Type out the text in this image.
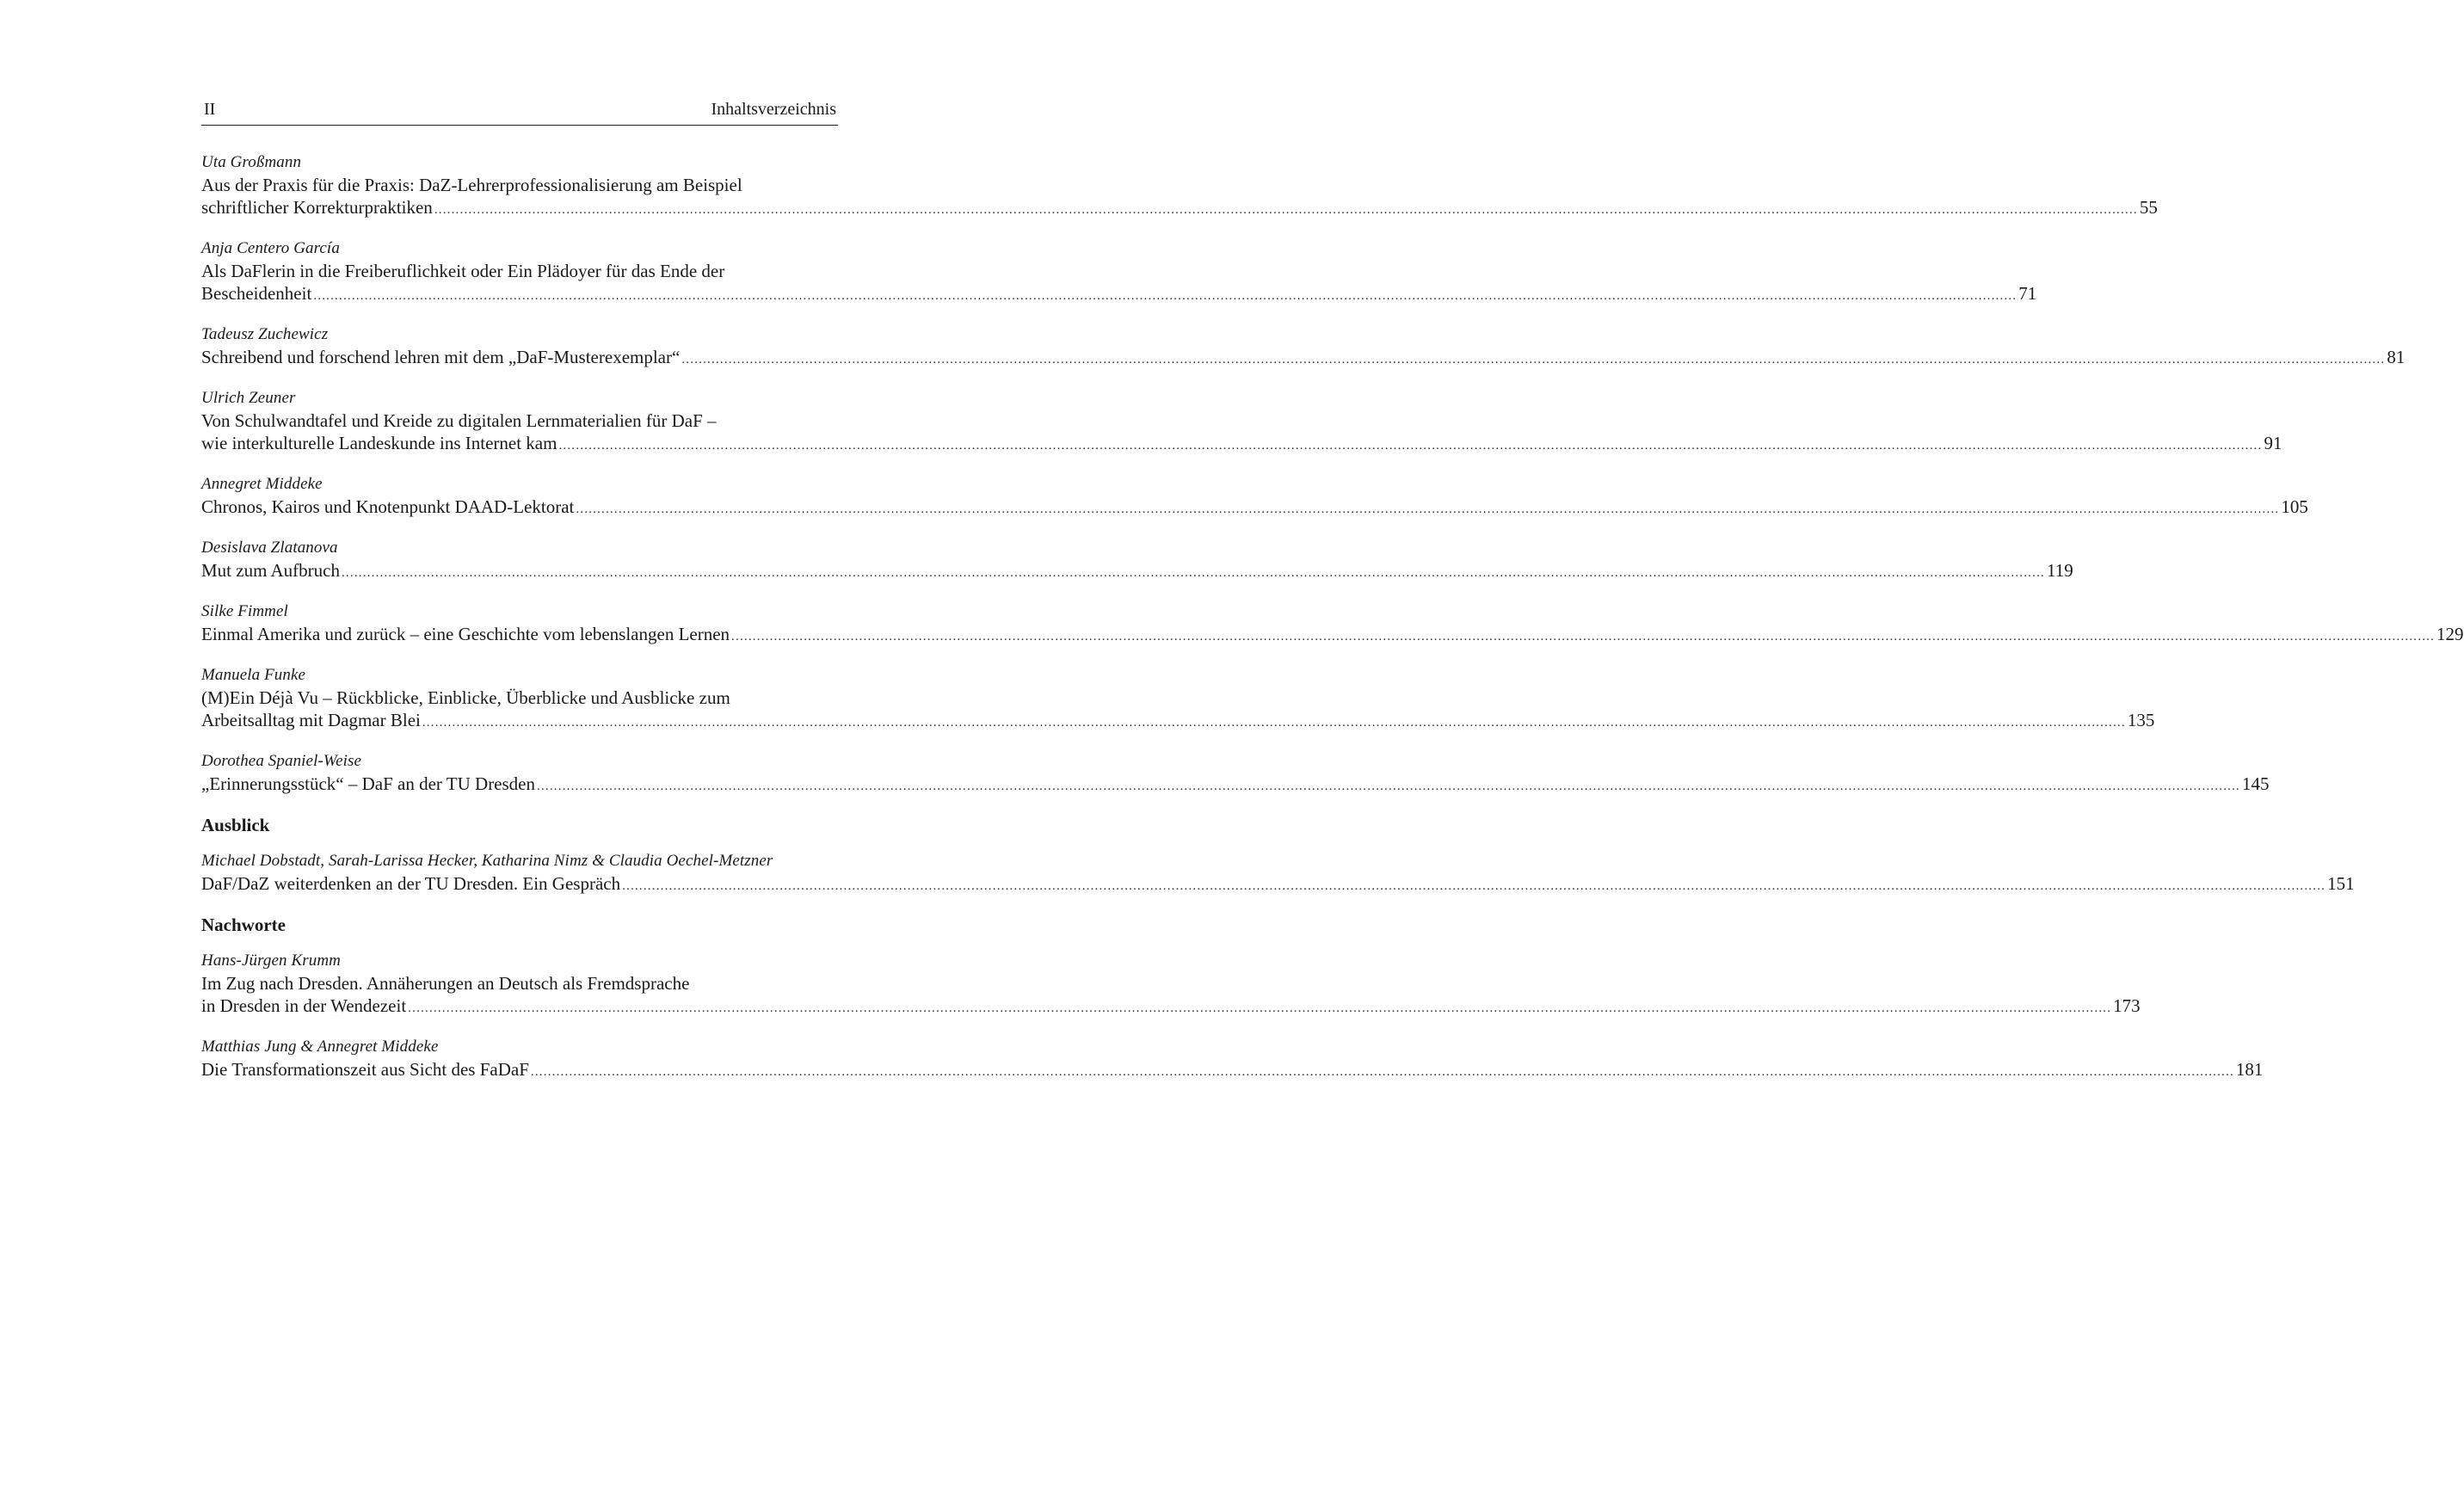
II	Inhaltsverzeichnis
Uta Großmann
Aus der Praxis für die Praxis: DaZ-Lehrerprofessionalisierung am Beispiel
schriftlicher Korrekturpraktiken ................................................................................................................................................................................................................................................................................................................................................................................................................ 55
Anja Centero García
Als DaFlerin in die Freiberuflichkeit oder Ein Plädoyer für das Ende der
Bescheidenheit ................................................................................................................................................................................................................................................................................................................................................................................................................ 71
Tadeusz Zuchewicz
Schreibend und forschend lehren mit dem „DaF-Musterexemplar“ ................................................................................................................................................................................................................................................................................................................................................................................................................ 81
Ulrich Zeuner
Von Schulwandtafel und Kreide zu digitalen Lernmaterialien für DaF –
wie interkulturelle Landeskunde ins Internet kam ................................................................................................................................................................................................................................................................................................................................................................................................................ 91
Annegret Middeke
Chronos, Kairos und Knotenpunkt DAAD-Lektorat ................................................................................................................................................................................................................................................................................................................................................................................................................ 105
Desislava Zlatanova
Mut zum Aufbruch ................................................................................................................................................................................................................................................................................................................................................................................................................ 119
Silke Fimmel
Einmal Amerika und zurück – eine Geschichte vom lebenslangen Lernen ................................................................................................................................................................................................................................................................................................................................................................................................................ 129
Manuela Funke
(M)Ein Déjà Vu – Rückblicke, Einblicke, Überblicke und Ausblicke zum
Arbeitsalltag mit Dagmar Blei ................................................................................................................................................................................................................................................................................................................................................................................................................ 135
Dorothea Spaniel-Weise
„Erinnerungsstück“ – DaF an der TU Dresden ................................................................................................................................................................................................................................................................................................................................................................................................................ 145
Ausblick
Michael Dobstadt, Sarah-Larissa Hecker, Katharina Nimz & Claudia Oechel-Metzner
DaF/DaZ weiterdenken an der TU Dresden. Ein Gespräch ................................................................................................................................................................................................................................................................................................................................................................................................................ 151
Nachworte
Hans-Jürgen Krumm
Im Zug nach Dresden. Annäherungen an Deutsch als Fremdsprache
in Dresden in der Wendezeit ................................................................................................................................................................................................................................................................................................................................................................................................................ 173
Matthias Jung & Annegret Middeke
Die Transformationszeit aus Sicht des FaDaF ................................................................................................................................................................................................................................................................................................................................................................................................................ 181
